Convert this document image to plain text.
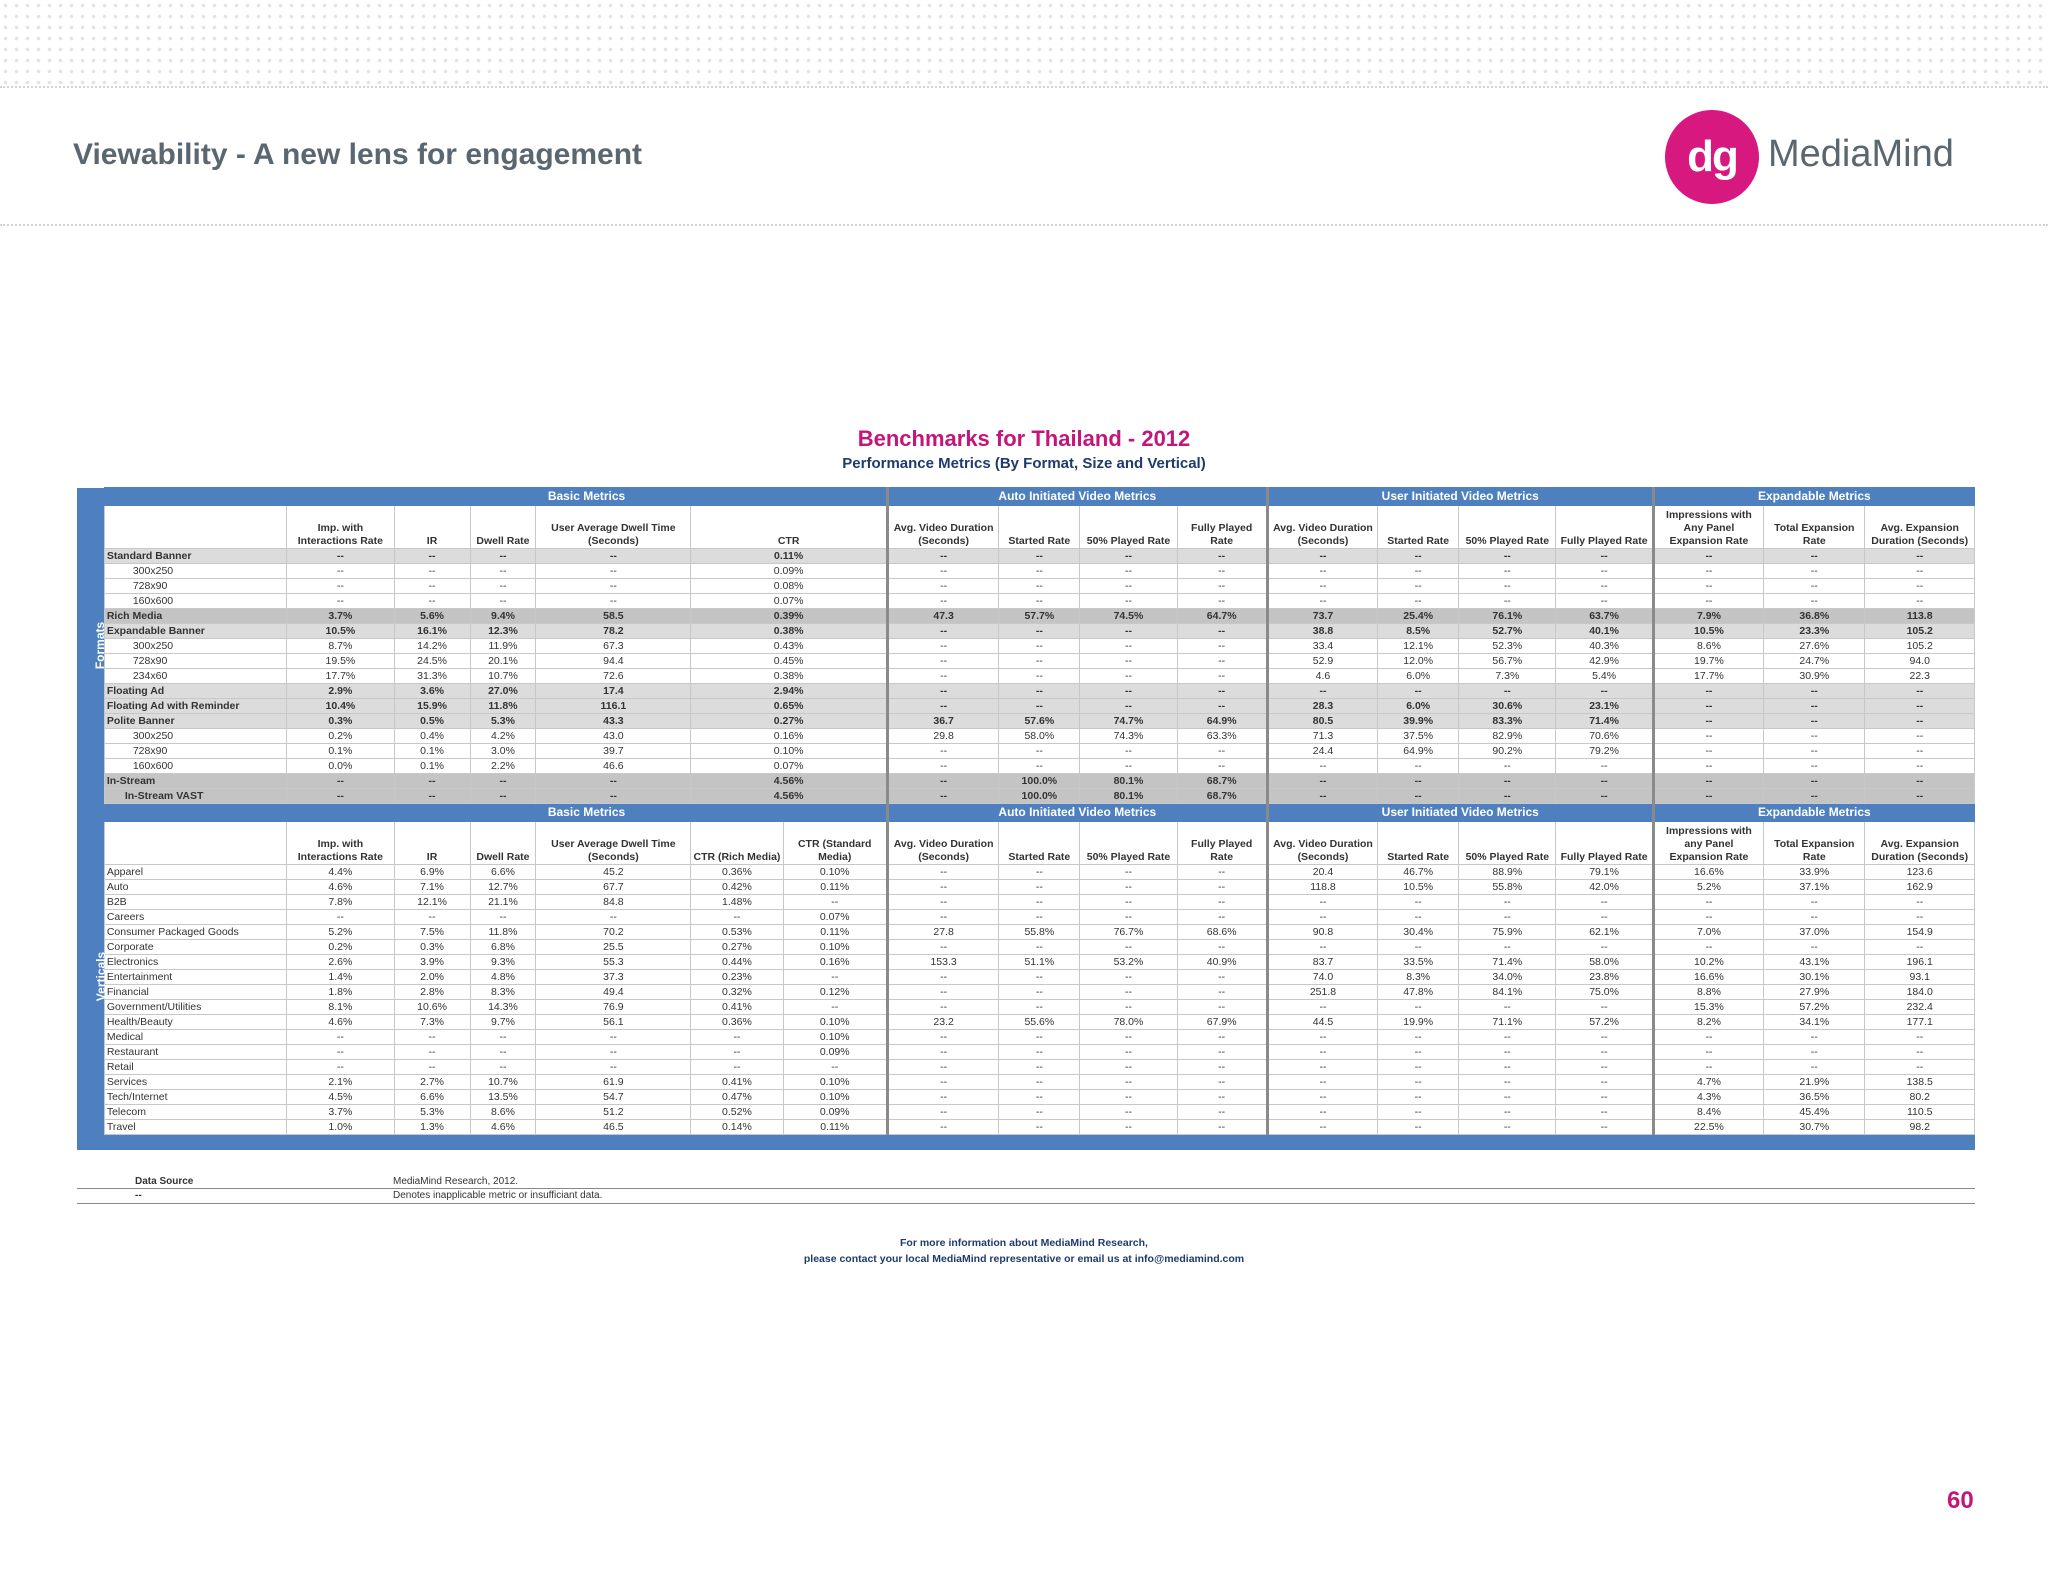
Viewability - A new lens for engagement	dg MediaMind
Benchmarks for Thailand - 2012
Performance Metrics (By Format, Size and Vertical)
Formats		Basic Metrics						Auto Initiated Video Metrics				User Initiated Video Metrics				Expandable Metrics		
		Imp. with Interactions Rate	IR	Dwell Rate	User Average Dwell Time (Seconds)	CTR		Avg. Video Duration (Seconds)	Started Rate	50% Played Rate	Fully Played Rate	Avg. Video Duration (Seconds)	Started Rate	50% Played Rate	Fully Played Rate	Impressions with Any Panel Expansion Rate	Total Expansion Rate	Avg. Expansion Duration (Seconds)
	Standard Banner	--	--	--	--	0.11%		--	--	--	--	--	--	--	--	--	--	--
	300x250	--	--	--	--	0.09%		--	--	--	--	--	--	--	--	--	--	--
	728x90	--	--	--	--	0.08%		--	--	--	--	--	--	--	--	--	--	--
	160x600	--	--	--	--	0.07%		--	--	--	--	--	--	--	--	--	--	--
	Rich Media	3.7%	5.6%	9.4%	58.5	0.39%		47.3	57.7%	74.5%	64.7%	73.7	25.4%	76.1%	63.7%	7.9%	36.8%	113.8
	Expandable Banner	10.5%	16.1%	12.3%	78.2	0.38%		--	--	--	--	38.8	8.5%	52.7%	40.1%	10.5%	23.3%	105.2
	300x250	8.7%	14.2%	11.9%	67.3	0.43%		--	--	--	--	33.4	12.1%	52.3%	40.3%	8.6%	27.6%	105.2
	728x90	19.5%	24.5%	20.1%	94.4	0.45%		--	--	--	--	52.9	12.0%	56.7%	42.9%	19.7%	24.7%	94.0
	234x60	17.7%	31.3%	10.7%	72.6	0.38%		--	--	--	--	4.6	6.0%	7.3%	5.4%	17.7%	30.9%	22.3
	Floating Ad	2.9%	3.6%	27.0%	17.4	2.94%		--	--	--	--	--	--	--	--	--	--	--
	Floating Ad with Reminder	10.4%	15.9%	11.8%	116.1	0.65%		--	--	--	--	28.3	6.0%	30.6%	23.1%	--	--	--
	Polite Banner	0.3%	0.5%	5.3%	43.3	0.27%		36.7	57.6%	74.7%	64.9%	80.5	39.9%	83.3%	71.4%	--	--	--
	300x250	0.2%	0.4%	4.2%	43.0	0.16%		29.8	58.0%	74.3%	63.3%	71.3	37.5%	82.9%	70.6%	--	--	--
	728x90	0.1%	0.1%	3.0%	39.7	0.10%		--	--	--	--	24.4	64.9%	90.2%	79.2%	--	--	--
	160x600	0.0%	0.1%	2.2%	46.6	0.07%		--	--	--	--	--	--	--	--	--	--	--
	In-Stream	--	--	--	--	4.56%		--	100.0%	80.1%	68.7%	--	--	--	--	--	--	--
	In-Stream VAST	--	--	--	--	4.56%		--	100.0%	80.1%	68.7%	--	--	--	--	--	--	--
Verticals		Basic Metrics						Auto Initiated Video Metrics				User Initiated Video Metrics				Expandable Metrics		
		Imp. with Interactions Rate	IR	Dwell Rate	User Average Dwell Time (Seconds)	CTR (Rich Media)	CTR (Standard Media)	Avg. Video Duration (Seconds)	Started Rate	50% Played Rate	Fully Played Rate	Avg. Video Duration (Seconds)	Started Rate	50% Played Rate	Fully Played Rate	Impressions with any Panel Expansion Rate	Total Expansion Rate	Avg. Expansion Duration (Seconds)
	Apparel	4.4%	6.9%	6.6%	45.2	0.36%	0.10%	--	--	--	--	20.4	46.7%	88.9%	79.1%	16.6%	33.9%	123.6
	Auto	4.6%	7.1%	12.7%	67.7	0.42%	0.11%	--	--	--	--	118.8	10.5%	55.8%	42.0%	5.2%	37.1%	162.9
	B2B	7.8%	12.1%	21.1%	84.8	1.48%	--	--	--	--	--	--	--	--	--	--	--	--
	Careers	--	--	--	--	--	0.07%	--	--	--	--	--	--	--	--	--	--	--
	Consumer Packaged Goods	5.2%	7.5%	11.8%	70.2	0.53%	0.11%	27.8	55.8%	76.7%	68.6%	90.8	30.4%	75.9%	62.1%	7.0%	37.0%	154.9
	Corporate	0.2%	0.3%	6.8%	25.5	0.27%	0.10%	--	--	--	--	--	--	--	--	--	--	--
	Electronics	2.6%	3.9%	9.3%	55.3	0.44%	0.16%	153.3	51.1%	53.2%	40.9%	83.7	33.5%	71.4%	58.0%	10.2%	43.1%	196.1
	Entertainment	1.4%	2.0%	4.8%	37.3	0.23%	--	--	--	--	--	74.0	8.3%	34.0%	23.8%	16.6%	30.1%	93.1
	Financial	1.8%	2.8%	8.3%	49.4	0.32%	0.12%	--	--	--	--	251.8	47.8%	84.1%	75.0%	8.8%	27.9%	184.0
	Government/Utilities	8.1%	10.6%	14.3%	76.9	0.41%	--	--	--	--	--	--	--	--	--	15.3%	57.2%	232.4
	Health/Beauty	4.6%	7.3%	9.7%	56.1	0.36%	0.10%	23.2	55.6%	78.0%	67.9%	44.5	19.9%	71.1%	57.2%	8.2%	34.1%	177.1
	Medical	--	--	--	--	--	0.10%	--	--	--	--	--	--	--	--	--	--	--
	Restaurant	--	--	--	--	--	0.09%	--	--	--	--	--	--	--	--	--	--	--
	Retail	--	--	--	--	--	--	--	--	--	--	--	--	--	--	--	--	--
	Services	2.1%	2.7%	10.7%	61.9	0.41%	0.10%	--	--	--	--	--	--	--	--	4.7%	21.9%	138.5
	Tech/Internet	4.5%	6.6%	13.5%	54.7	0.47%	0.10%	--	--	--	--	--	--	--	--	4.3%	36.5%	80.2
	Telecom	3.7%	5.3%	8.6%	51.2	0.52%	0.09%	--	--	--	--	--	--	--	--	8.4%	45.4%	110.5
	Travel	1.0%	1.3%	4.6%	46.5	0.14%	0.11%	--	--	--	--	--	--	--	--	22.5%	30.7%	98.2

Data Source	MediaMind Research, 2012.
--	Denotes inapplicable metric or insufficiant data.
For more information about MediaMind Research,
please contact your local MediaMind representative or email us at info@mediamind.com
60
